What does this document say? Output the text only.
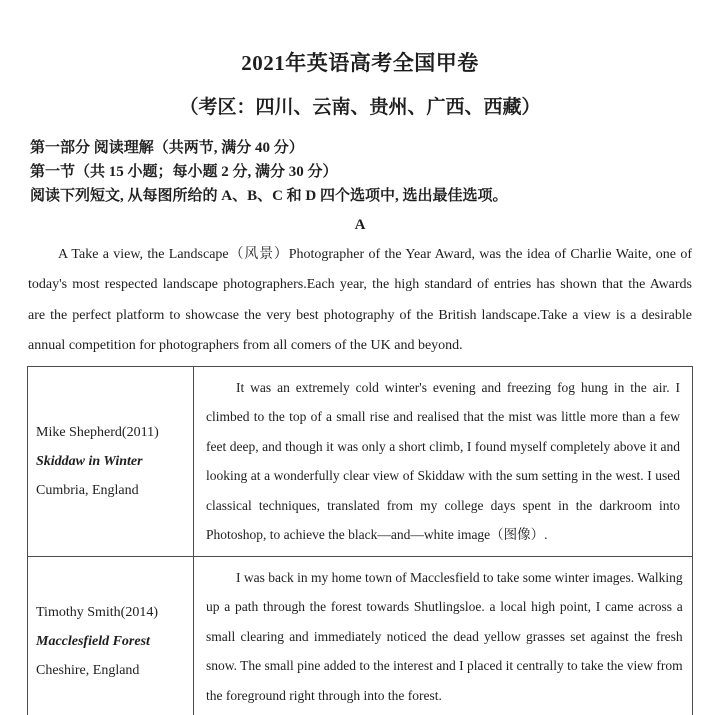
2021年英语高考全国甲卷
（考区：四川、云南、贵州、广西、西藏）
第一部分 阅读理解（共两节, 满分 40 分）
第一节（共 15 小题；每小题 2 分, 满分 30 分）
阅读下列短文, 从每图所给的 A、B、C 和 D 四个选项中, 选出最佳选项。
A
A Take a view, the Landscape（风景）Photographer of the Year Award, was the idea of Charlie Waite, one of
today's most respected landscape photographers.Each year, the high standard of entries has shown that the Awards
are the perfect platform to showcase the very best photography of the British landscape.Take a view is a desirable
annual competition for photographers from all comers of the UK and beyond.
Mike Shepherd(2011)
Skiddaw in Winter
Cumbria, England
It was an extremely cold winter's evening and freezing fog hung in the air. I
climbed to the top of a small rise and realised that the mist was little more than a few
feet deep, and though it was only a short climb, I found myself completely above it and
looking at a wonderfully clear view of Skiddaw with the sum setting in the west. I used
classical techniques, translated from my college days spent in the darkroom into
Photoshop, to achieve the black—and—white image（图像）.
Timothy Smith(2014)
Macclesfield Forest
Cheshire, England
I was back in my home town of Macclesfield to take some winter images. Walking
up a path through the forest towards Shutlingsloe. a local high point, I came across a
small clearing and immediately noticed the dead yellow grasses set against the fresh
snow. The small pine added to the interest and I placed it centrally to take the view from
the foreground right through into the forest.
